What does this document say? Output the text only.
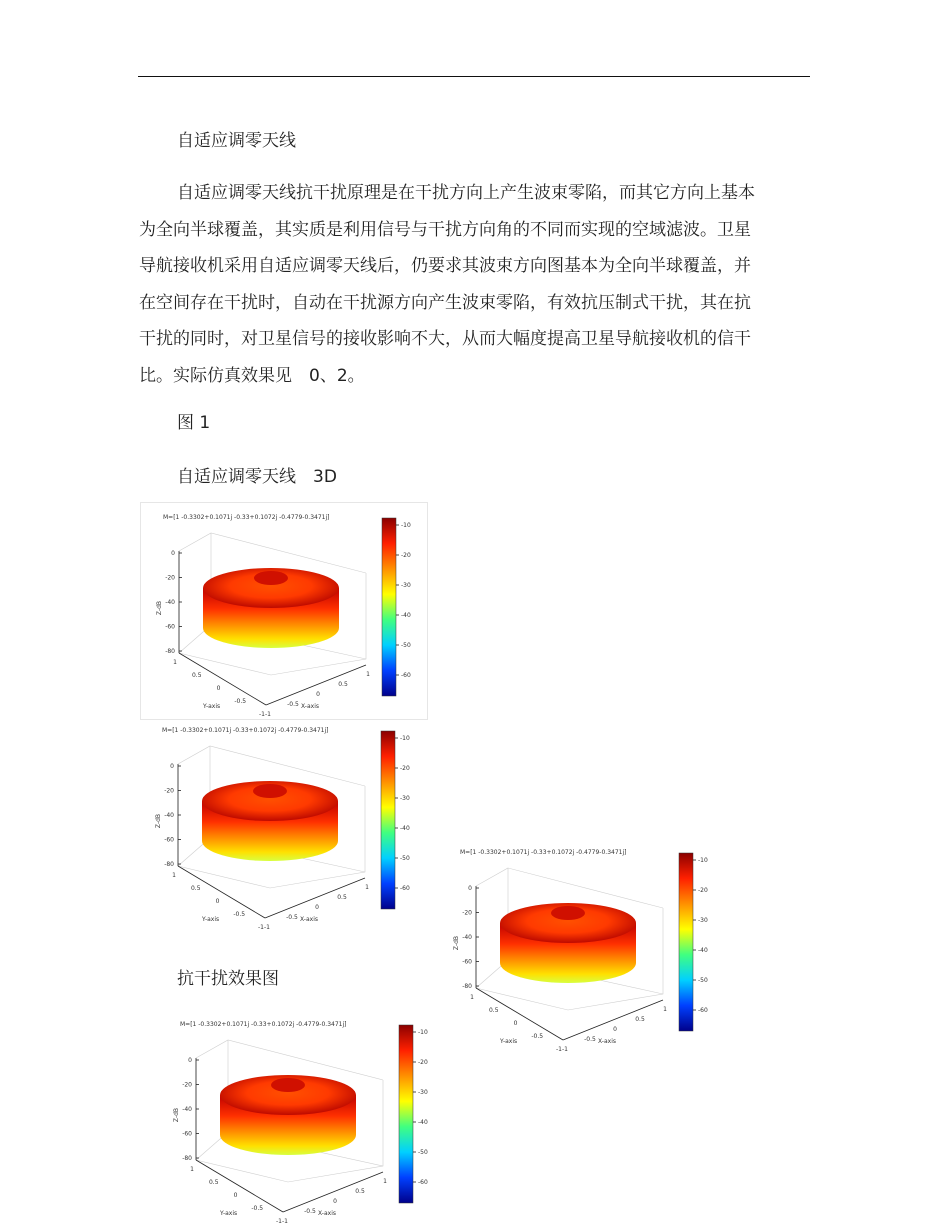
自适应调零天线
自适应调零天线抗干扰原理是在干扰方向上产生波束零陷，而其它方向上基本
为全向半球覆盖，其实质是利用信号与干扰方向角的不同而实现的空域滤波。卫星
导航接收机采用自适应调零天线后，仍要求其波束方向图基本为全向半球覆盖，并
在空间存在干扰时，自动在干扰源方向产生波束零陷，有效抗压制式干扰，其在抗
干扰的同时，对卫星信号的接收影响不大，从而大幅度提高卫星导航接收机的信干
比。实际仿真效果见　0、2。
图 1
自适应调零天线　3D
M=[1 -0.3302+0.1071j -0.33+0.1072j -0.4779-0.3471j]
0
-20
-40
-60
-80
Z-dB
1
0.5
0
-0.5
-1 -1
-0.5
0
0.5
1
Y-axis	X-axis
-10
-20
-30
-40
-50
-60
M=[1 -0.3302+0.1071j -0.33+0.1072j -0.4779-0.3471j]
0
-20
-40
-60
-80
Z-dB
1
0.5
0
-0.5
-1 -1
-0.5
0
0.5
1
Y-axis	X-axis
-10
-20
-30
-40
-50
-60
M=[1 -0.3302+0.1071j -0.33+0.1072j -0.4779-0.3471j]
0
-20
-40
-60
-80
Z-dB
1
0.5
0
-0.5
-1 -1
-0.5
0
0.5
1
Y-axis	X-axis
-10
-20
-30
-40
-50
-60
抗干扰效果图
M=[1 -0.3302+0.1071j -0.33+0.1072j -0.4779-0.3471j]
0
-20
-40
-60
-80
Z-dB
1
0.5
0
-0.5
-1 -1
-0.5
0
0.5
1
Y-axis	X-axis
-10
-20
-30
-40
-50
-60
